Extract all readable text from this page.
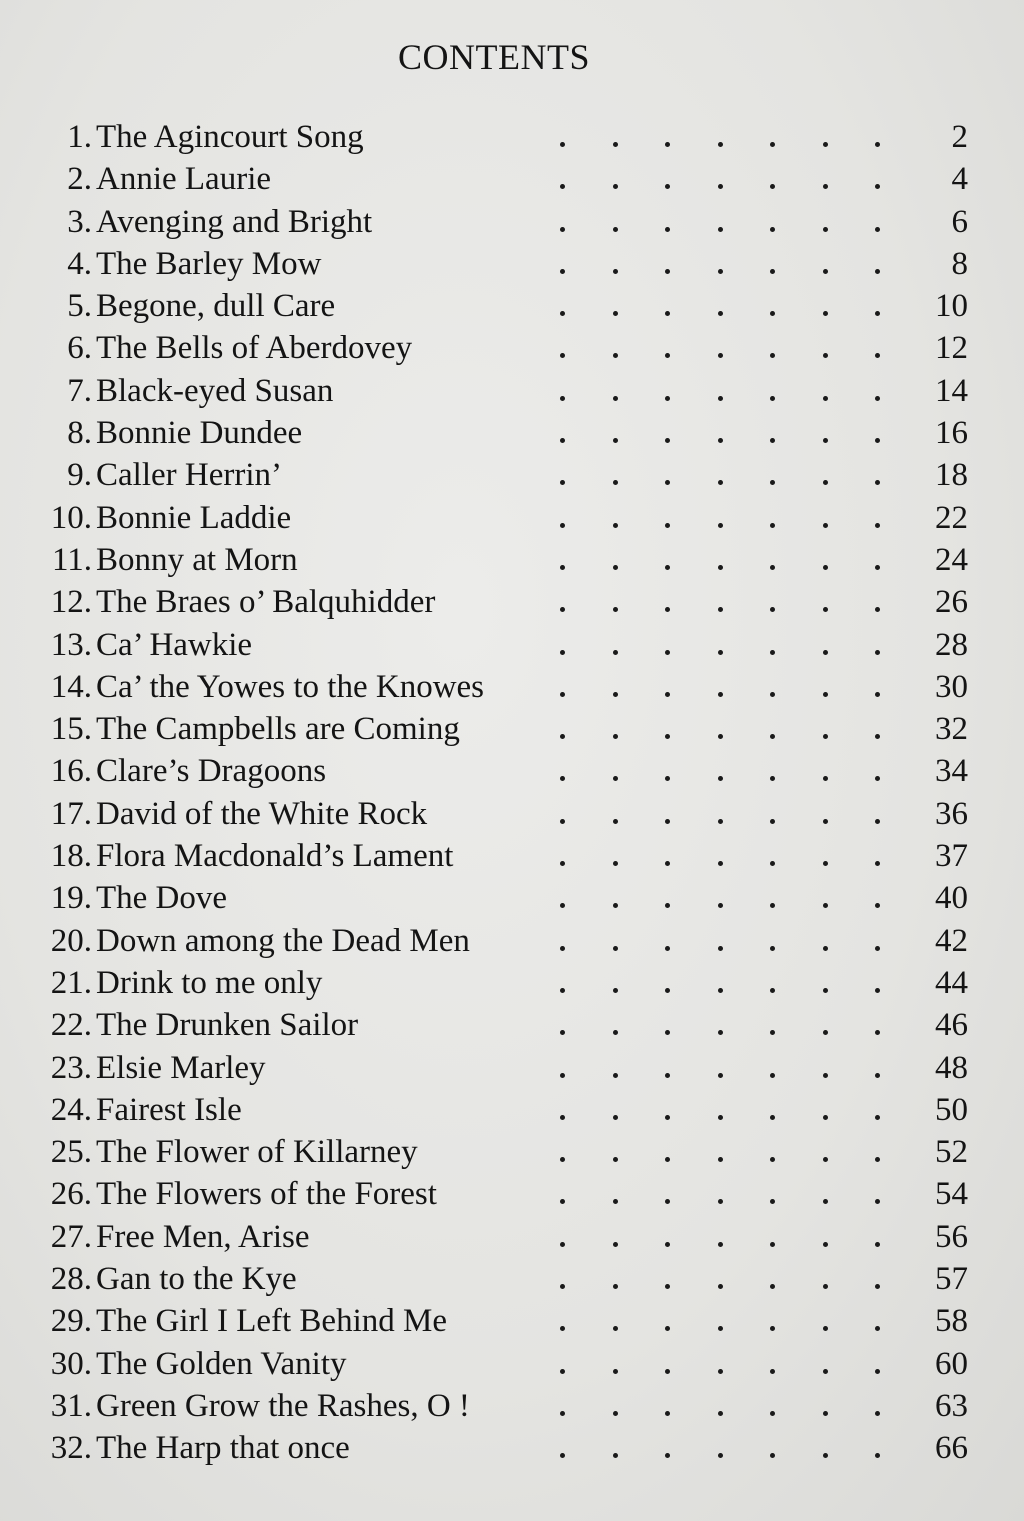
CONTENTS
1. The Agincourt Song	2
2. Annie Laurie	4
3. Avenging and Bright	6
4. The Barley Mow	8
5. Begone, dull Care	10
6. The Bells of Aberdovey	12
7. Black-eyed Susan	14
8. Bonnie Dundee	16
9. Caller Herrin’	18
10. Bonnie Laddie	22
11. Bonny at Morn	24
12. The Braes o’ Balquhidder	26
13. Ca’ Hawkie	28
14. Ca’ the Yowes to the Knowes	30
15. The Campbells are Coming	32
16. Clare’s Dragoons	34
17. David of the White Rock	36
18. Flora Macdonald’s Lament	37
19. The Dove	40
20. Down among the Dead Men	42
21. Drink to me only	44
22. The Drunken Sailor	46
23. Elsie Marley	48
24. Fairest Isle	50
25. The Flower of Killarney	52
26. The Flowers of the Forest	54
27. Free Men, Arise	56
28. Gan to the Kye	57
29. The Girl I Left Behind Me	58
30. The Golden Vanity	60
31. Green Grow the Rashes, O !	63
32. The Harp that once	66
